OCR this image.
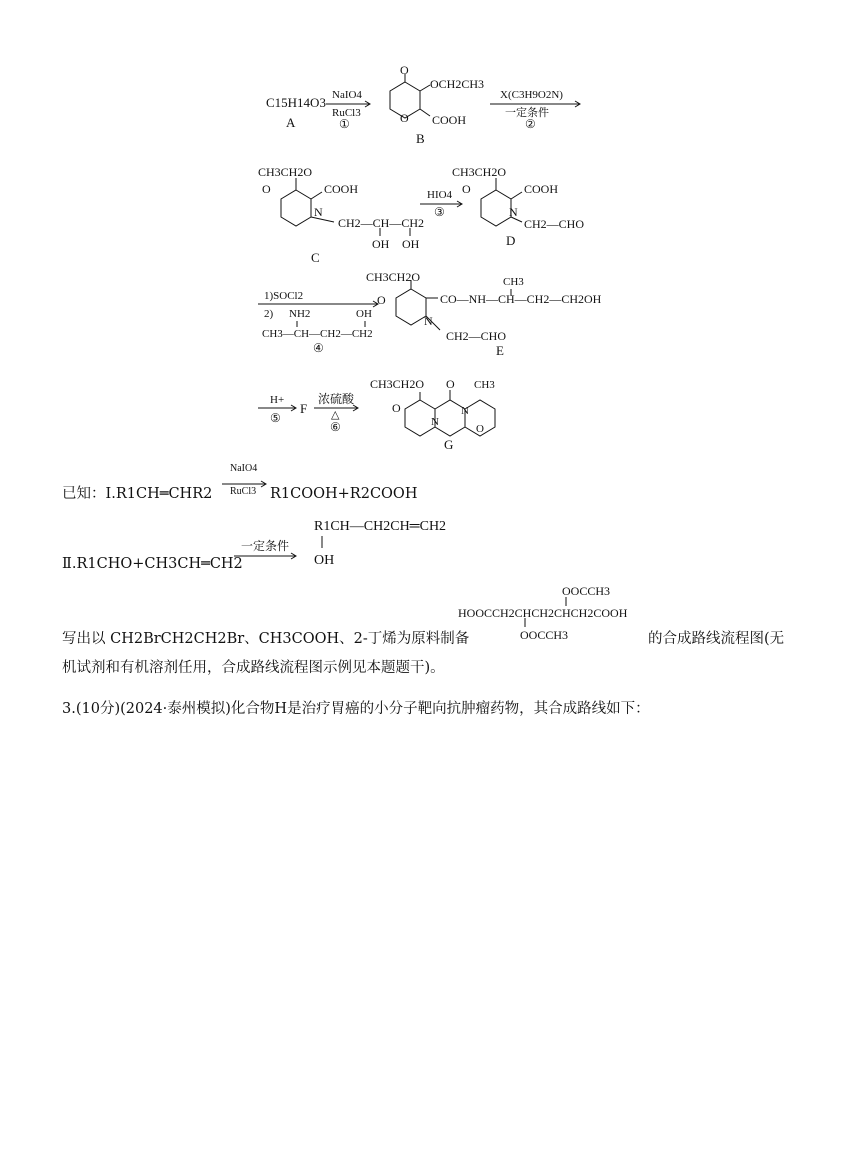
C15H14O3
A
NaIO4
RuCl3
①
O
OCH2CH3
COOH
O
B
X(C3H9O2N)
一定条件
②
CH3CH2O
O	COOH
N
CH2—CH—CH2
OH OH
C
HIO4
③
CH3CH2O
O	COOH
N
CH2—CHO
D
1)SOCl2
2) NH2	OH
CH3—CH—CH2—CH2
④
CH3CH2O
O	CO—NH—CH—CH2—CH2OH
CH3
N
CH2—CHO
E
H+
⑤
F
浓硫酸
△
⑥
CH3CH2O
O
O CH3
N
N
O
G
NaIO4
RuCl3
已知：Ⅰ.R1CH═CHR2	R1COOH+R2COOH
一定条件
R1CH—CH2CH═CH2
OH
Ⅱ.R1CHO+CH3CH═CH2
OOCCH3
HOOCCH2CHCH2CHCH2COOH
OOCCH3
写出以 CH2BrCH2CH2Br、CH3COOH、2-丁烯为原料制备	的合成路线流程图(无
机试剂和有机溶剂任用，合成路线流程图示例见本题题干)。
3.(10分)(2024·泰州模拟)化合物H是治疗胃癌的小分子靶向抗肿瘤药物，其合成路线如下：
